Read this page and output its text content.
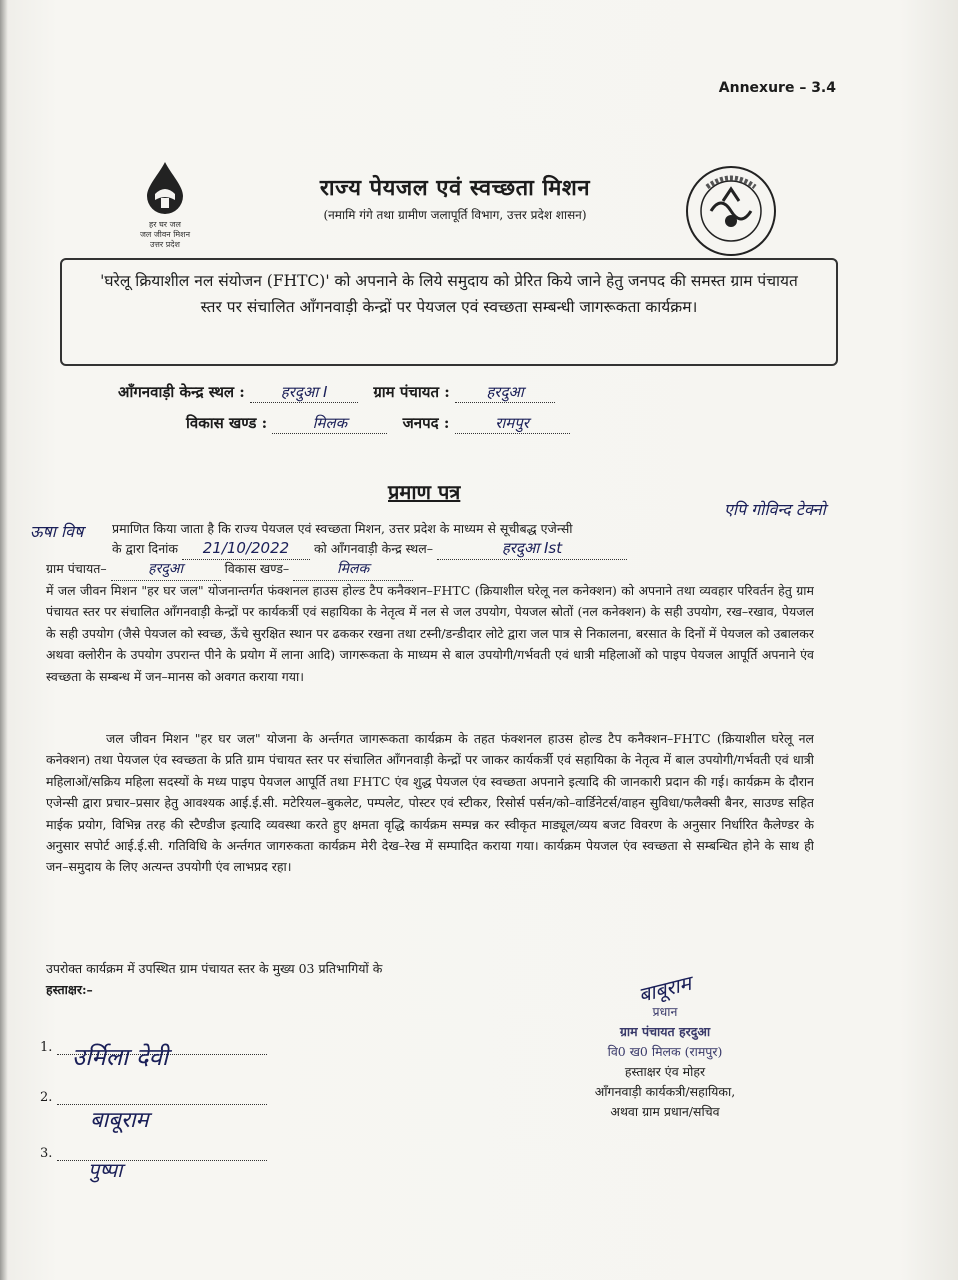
Annexure – 3.4
हर घर जल
जल जीवन मिशन
उत्तर प्रदेश
राज्य पेयजल एवं स्वच्छता मिशन
(नमामि गंगे तथा ग्रामीण जलापूर्ति विभाग, उत्तर प्रदेश शासन)
'घरेलू क्रियाशील नल संयोजन (FHTC)' को अपनाने के लिये समुदाय को प्रेरित किये जाने हेतु जनपद की समस्त ग्राम पंचायत स्तर पर संचालित आँगनवाड़ी केन्द्रों पर पेयजल एवं स्वच्छता सम्बन्धी जागरूकता कार्यक्रम।
आँगनवाड़ी केन्द्र स्थल : हरदुआ I	ग्राम पंचायत : हरदुआ
विकास खण्ड :	मिलक	जनपद :	रामपुर
प्रमाण पत्र
ऊषा विष
एपि गोविन्द टेक्नो
प्रमाणित किया जाता है कि राज्य पेयजल एवं स्वच्छता मिशन, उत्तर प्रदेश के माध्यम से सूचीबद्ध एजेन्सी
के द्वारा दिनांक 21/10/2022 को आँगनवाड़ी केन्द्र स्थल–	हरदुआ Ist
ग्राम पंचायत–	हरदुआ	विकास खण्ड–	मिलक
में जल जीवन मिशन "हर घर जल" योजनान्तर्गत फंक्शनल हाउस होल्ड टैप कनैक्शन–FHTC (क्रियाशील घरेलू नल कनेक्शन) को अपनाने तथा व्यवहार परिवर्तन हेतु ग्राम पंचायत स्तर पर संचालित आँगनवाड़ी केन्द्रों पर कार्यकर्त्री एवं सहायिका के नेतृत्व में नल से जल उपयोग, पेयजल स्रोतों (नल कनेक्शन) के सही उपयोग, रख–रखाव, पेयजल के सही उपयोग (जैसे पेयजल को स्वच्छ, ऊँचे सुरक्षित स्थान पर ढककर रखना तथा टस्नी/डन्डीदार लोटे द्वारा जल पात्र से निकालना, बरसात के दिनों में पेयजल को उबालकर अथवा क्लोरीन के उपयोग उपरान्त पीने के प्रयोग में लाना आदि) जागरूकता के माध्यम से बाल उपयोगी/गर्भवती एवं धात्री महिलाओं को पाइप पेयजल आपूर्ति अपनाने एंव स्वच्छता के सम्बन्ध में जन–मानस को अवगत कराया गया।
जल जीवन मिशन "हर घर जल" योजना के अर्न्तगत जागरूकता कार्यक्रम के तहत फंक्शनल हाउस होल्ड टैप कनैक्शन–FHTC (क्रियाशील घरेलू नल कनेक्शन) तथा पेयजल एंव स्वच्छता के प्रति ग्राम पंचायत स्तर पर संचालित आँगनवाड़ी केन्द्रों पर जाकर कार्यकर्त्री एवं सहायिका के नेतृत्व में बाल उपयोगी/गर्भवती एवं धात्री महिलाओं/सक्रिय महिला सदस्यों के मध्य पाइप पेयजल आपूर्ति तथा FHTC एंव शुद्ध पेयजल एंव स्वच्छता अपनाने इत्यादि की जानकारी प्रदान की गई। कार्यक्रम के दौरान एजेन्सी द्वारा प्रचार–प्रसार हेतु आवश्यक आई.ई.सी. मटेरियल–बुकलेट, पम्पलेट, पोस्टर एवं स्टीकर, रिसोर्स पर्सन/को–वार्डिनेटर्स/वाहन सुविधा/फलैक्सी बैनर, साउण्ड सहित माईक प्रयोग, विभिन्न तरह की स्टैण्डीज इत्यादि व्यवस्था करते हुए क्षमता वृद्धि कार्यक्रम सम्पन्न कर स्वीकृत माड्यूल/व्यय बजट विवरण के अनुसार निर्धारित कैलेण्डर के अनुसार सपोर्ट आई.ई.सी. गतिविधि के अर्न्तगत जागरुकता कार्यक्रम मेरी देख–रेख में सम्पादित कराया गया। कार्यक्रम पेयजल एंव स्वच्छता से सम्बन्धित होने के साथ ही जन–समुदाय के लिए अत्यन्त उपयोगी एंव लाभप्रद रहा।
उपरोक्त कार्यक्रम में उपस्थित ग्राम पंचायत स्तर के मुख्य 03 प्रतिभागियों के
हस्ताक्षर:–
1. उर्मिला देवी
2.
बाबूराम
3.
पुष्पा
बाबूराम
प्रधान
ग्राम पंचायत हरदुआ
वि0 ख0 मिलक (रामपुर)
हस्ताक्षर एंव मोहर
आँगनवाड़ी कार्यकत्री/सहायिका,
अथवा ग्राम प्रधान/सचिव
